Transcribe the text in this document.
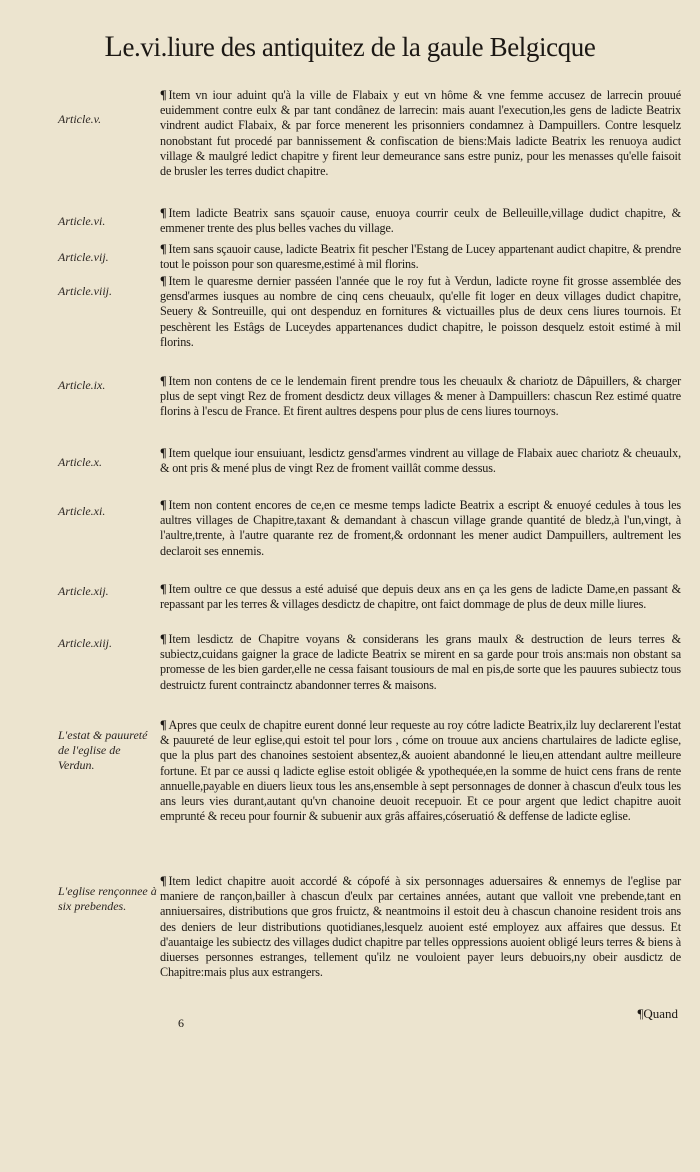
Le.vi.liure des antiquitez de la gaule Belgicque
Article.v.
Article.vi.
Article.vij.
Article.viij.
Article.ix.
Article.x.
Article.xi.
Article.xij.
Article.xiij.
L'estat & pauureté de l'eglise de Verdun.
L'eglise rençonnee à six prebendes.
¶ Item vn iour aduint qu'à la ville de Flabaix y eut vn hôme & vne femme accusez de larrecin prouué euidemment contre eulx & par tant condânez de larrecin: mais auant l'execution,les gens de ladicte Beatrix vindrent audict Flabaix, & par force menerent les prisonniers condamnez à Dampuillers. Contre lesquelz nonobstant fut procedé par bannissement & confiscation de biens:Mais ladicte Beatrix les renuoya audict village & maulgré ledict chapitre y firent leur demeurance sans estre puniz, pour les menasses qu'elle faisoit de brusler les terres dudict chapitre.
¶ Item ladicte Beatrix sans sçauoir cause, enuoya courrir ceulx de Belleuille,village dudict chapitre, & emmener trente des plus belles vaches du village.
¶ Item sans sçauoir cause, ladicte Beatrix fit pescher l'Estang de Lucey appartenant audict chapitre, & prendre tout le poisson pour son quaresme,estimé à mil florins.
¶ Item le quaresme dernier passéen l'année que le roy fut à Verdun, ladicte royne fit grosse assemblée des gensd'armes iusques au nombre de cinq cens cheuaulx, qu'elle fit loger en deux villages dudict chapitre, Seuery & Sontreuille, qui ont despenduz en fornitures & victuailles plus de deux cens liures tournois. Et peschèrent les Estâgs de Luceydes appartenances dudict chapitre, le poisson desquelz estoit estimé à mil florins.
¶ Item non contens de ce le lendemain firent prendre tous les cheuaulx & chariotz de Dâpuillers, & charger plus de sept vingt Rez de froment desdictz deux villages & mener à Dampuillers: chascun Rez estimé quatre florins à l'escu de France. Et firent aultres despens pour plus de cens liures tournoys.
¶ Item quelque iour ensuiuant, lesdictz gensd'armes vindrent au village de Flabaix auec chariotz & cheuaulx, & ont pris & mené plus de vingt Rez de froment vaillât comme dessus.
¶ Item non content encores de ce,en ce mesme temps ladicte Beatrix a escript & enuoyé cedules à tous les aultres villages de Chapitre,taxant & demandant à chascun village grande quantité de bledz,à l'un,vingt, à l'aultre,trente, à l'autre quarante rez de froment,& ordonnant les mener audict Dampuillers, aultrement les declaroit ses ennemis.
¶ Item oultre ce que dessus a esté aduisé que depuis deux ans en ça les gens de ladicte Dame,en passant & repassant par les terres & villages desdictz de chapitre, ont faict dommage de plus de deux mille liures.
¶ Item lesdictz de Chapitre voyans & considerans les grans maulx & destruction de leurs terres & subiectz,cuidans gaigner la grace de ladicte Beatrix se mirent en sa garde pour trois ans:mais non obstant sa promesse de les bien garder,elle ne cessa faisant tousiours de mal en pis,de sorte que les pauures subiectz tous destruictz furent contrainctz abandonner terres & maisons.
¶ Apres que ceulx de chapitre eurent donné leur requeste au roy cótre ladicte Beatrix,ilz luy declarerent l'estat & pauureté de leur eglise,qui estoit tel pour lors , cóme on trouue aux anciens chartulaires de ladicte eglise, que la plus part des chanoines sestoient absentez,& auoient abandonné le lieu,en attendant aultre meilleure fortune. Et par ce aussi q ladicte eglise estoit obligée & ypothequée,en la somme de huict cens frans de rente annuelle,payable en diuers lieux tous les ans,ensemble à sept personnages de donner à chascun d'eulx tous les ans leurs vies durant,autant qu'vn chanoine deuoit recepuoir. Et ce pour argent que ledict chapitre auoit emprunté & receu pour fournir & subuenir aux grâs affaires,cóseruatió & deffense de ladicte eglise.
¶ Item ledict chapitre auoit accordé & cópofé à six personnages aduersaires & ennemys de l'eglise par maniere de rançon,bailler à chascun d'eulx par certaines années, autant que valloit vne prebende,tant en anniuersaires, distributions que gros fruictz, & neantmoins il estoit deu à chascun chanoine resident trois ans des deniers de leur distributions quotidianes,lesquelz auoient esté employez aux affaires que dessus. Et d'auantaige les subiectz des villages dudict chapitre par telles oppressions auoient obligé leurs terres & biens à diuerses personnes estranges, tellement qu'ilz ne vouloient payer leurs debuoirs,ny obeir ausdictz de Chapitre:mais plus aux estrangers.
¶Quand
6
